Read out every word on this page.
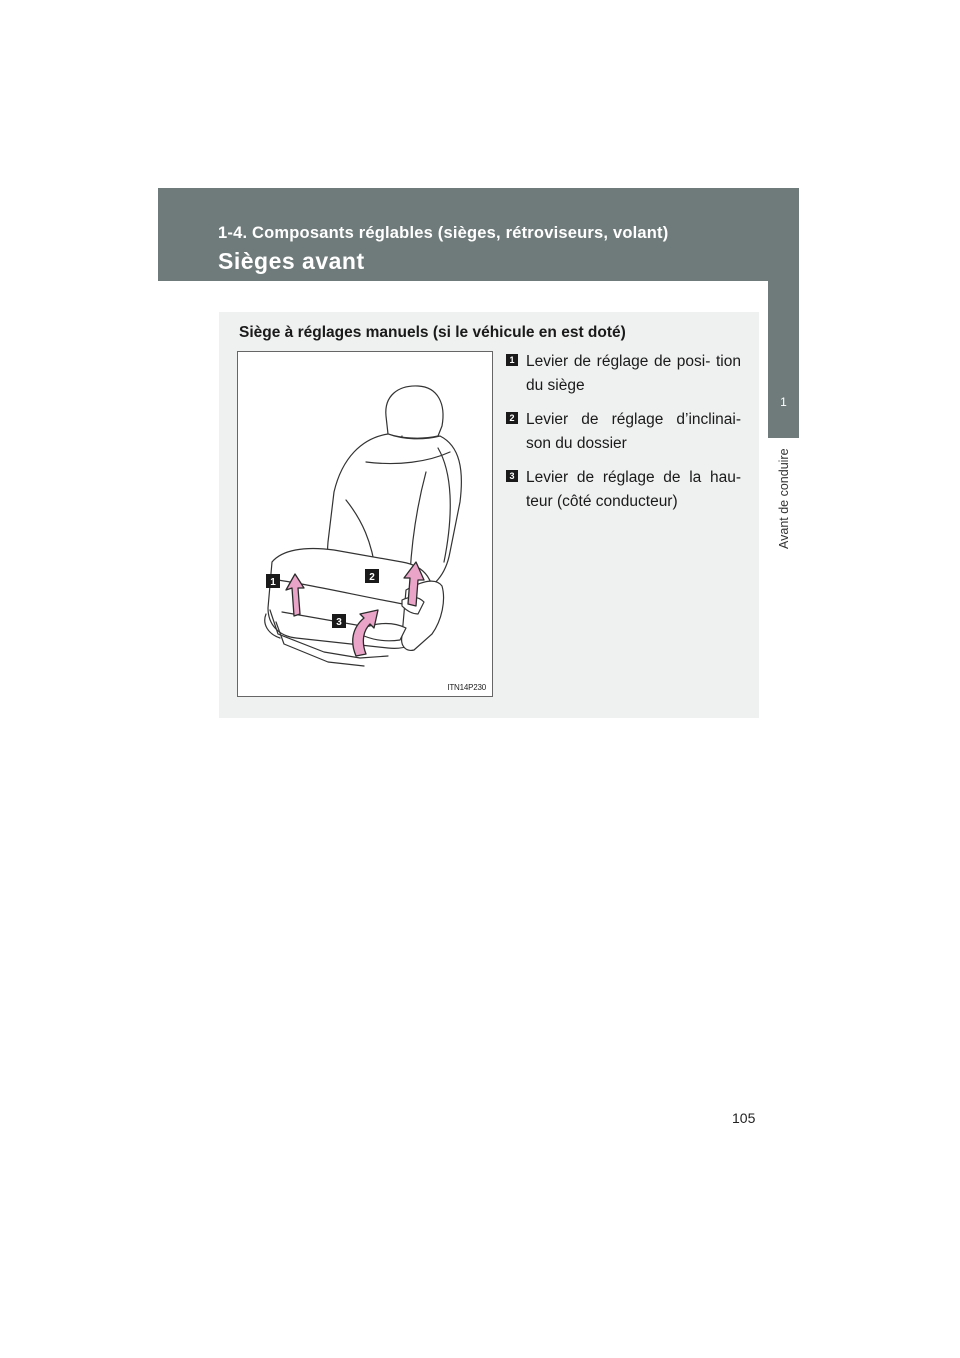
1-4. Composants réglables (sièges, rétroviseurs, volant)
Sièges avant
1
Avant de conduire
Siège à réglages manuels (si le véhicule en est doté)
1	2
3
ITN14P230
1 Levier de réglage de posi- tion du siège
2 Levier de réglage d’inclinai- son du dossier
3 Levier de réglage de la hau- teur (côté conducteur)
105
